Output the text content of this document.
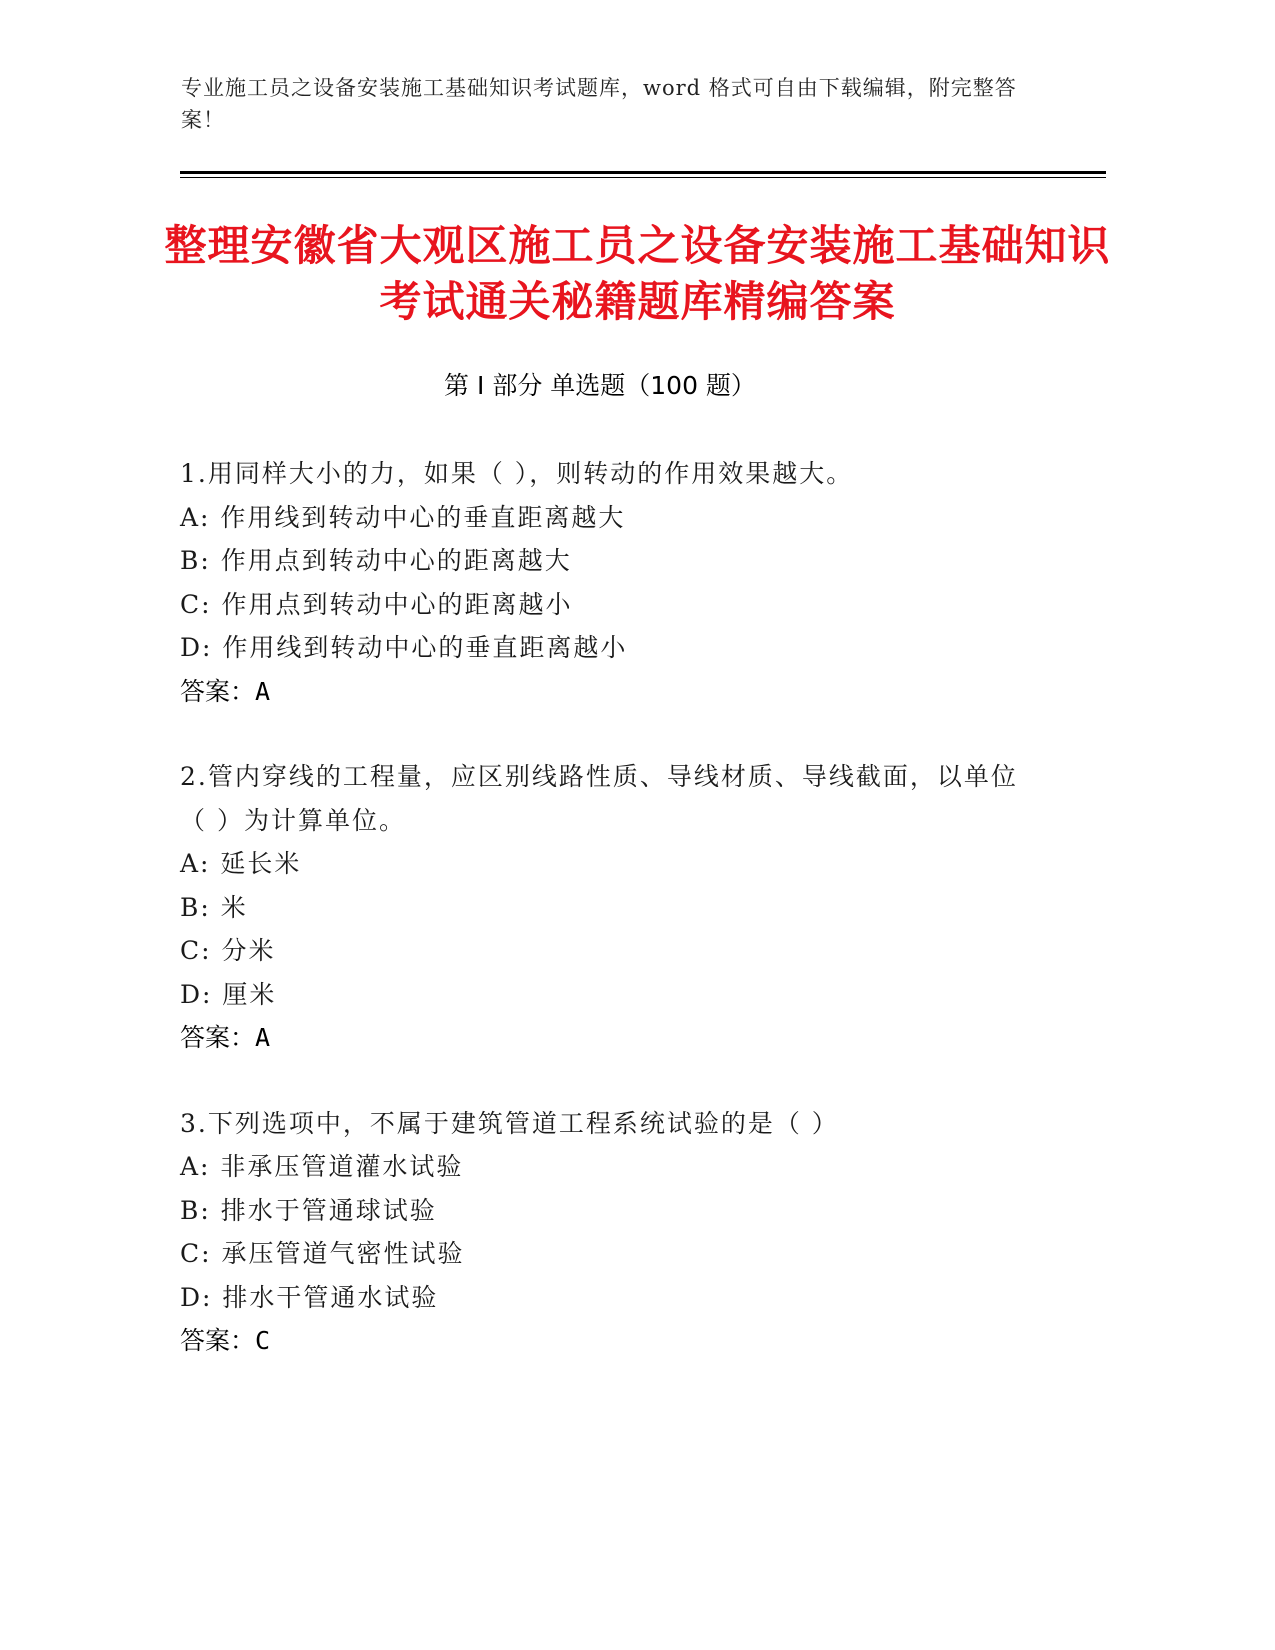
专业施工员之设备安装施工基础知识考试题库，word 格式可自由下载编辑，附完整答案！
整理安徽省大观区施工员之设备安装施工基础知识考试通关秘籍题库精编答案
第 I 部分 单选题（100 题）
1.用同样大小的力，如果（ ），则转动的作用效果越大。
A: 作用线到转动中心的垂直距离越大
B: 作用点到转动中心的距离越大
C: 作用点到转动中心的距离越小
D: 作用线到转动中心的垂直距离越小
答案：A
2.管内穿线的工程量，应区别线路性质、导线材质、导线截面，以单位（ ）为计算单位。
A: 延长米
B: 米
C: 分米
D: 厘米
答案：A
3.下列选项中，不属于建筑管道工程系统试验的是（ ）
A: 非承压管道灌水试验
B: 排水于管通球试验
C: 承压管道气密性试验
D: 排水干管通水试验
答案：C
